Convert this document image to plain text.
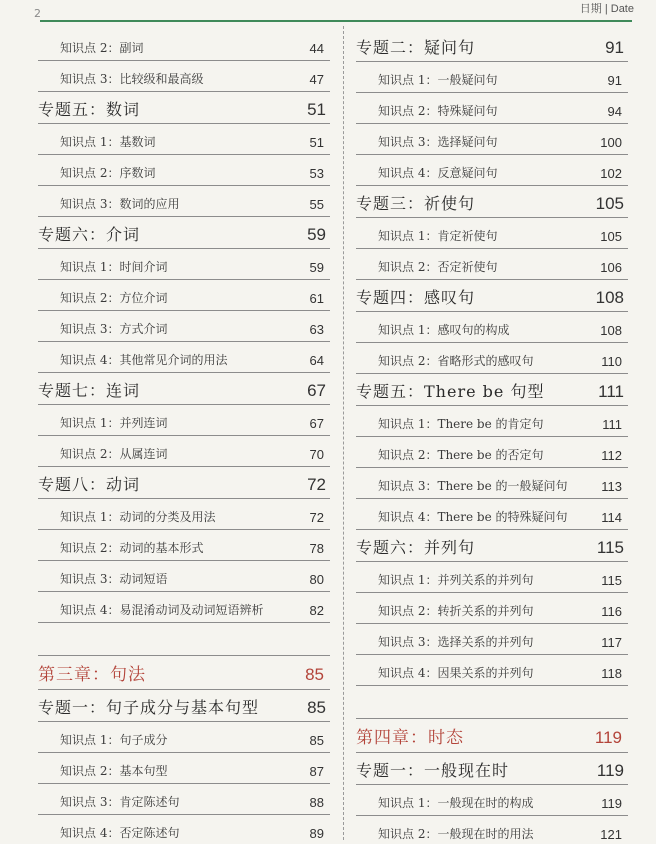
2	日期 | Date
知识点 2：副词	44
知识点 3：比较级和最高级	47
专题五：数词	51
知识点 1：基数词	51
知识点 2：序数词	53
知识点 3：数词的应用	55
专题六：介词	59
知识点 1：时间介词	59
知识点 2：方位介词	61
知识点 3：方式介词	63
知识点 4：其他常见介词的用法	64
专题七：连词	67
知识点 1：并列连词	67
知识点 2：从属连词	70
专题八：动词	72
知识点 1：动词的分类及用法	72
知识点 2：动词的基本形式	78
知识点 3：动词短语	80
知识点 4：易混淆动词及动词短语辨析	82
第三章：句法	85
专题一：句子成分与基本句型	85
知识点 1：句子成分	85
知识点 2：基本句型	87
知识点 3：肯定陈述句	88
知识点 4：否定陈述句	89
专题二：疑问句	91
知识点 1：一般疑问句	91
知识点 2：特殊疑问句	94
知识点 3：选择疑问句	100
知识点 4：反意疑问句	102
专题三：祈使句	105
知识点 1：肯定祈使句	105
知识点 2：否定祈使句	106
专题四：感叹句	108
知识点 1：感叹句的构成	108
知识点 2：省略形式的感叹句	110
专题五：There be 句型	111
知识点 1：There be 的肯定句	111
知识点 2：There be 的否定句	112
知识点 3：There be 的一般疑问句	113
知识点 4：There be 的特殊疑问句	114
专题六：并列句	115
知识点 1：并列关系的并列句	115
知识点 2：转折关系的并列句	116
知识点 3：选择关系的并列句	117
知识点 4：因果关系的并列句	118
第四章：时态	119
专题一：一般现在时	119
知识点 1：一般现在时的构成	119
知识点 2：一般现在时的用法	121
